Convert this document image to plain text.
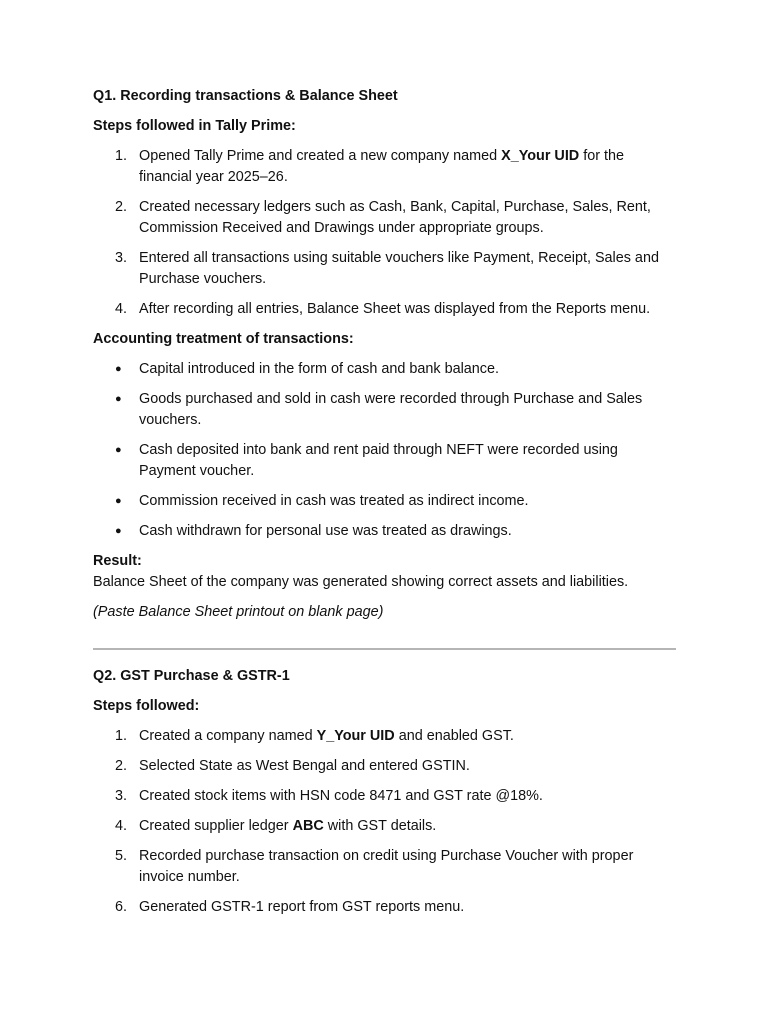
Q1. Recording transactions & Balance Sheet

Steps followed in Tally Prime:

1. Opened Tally Prime and created a new company named X_Your UID for the financial year 2025–26.
2. Created necessary ledgers such as Cash, Bank, Capital, Purchase, Sales, Rent, Commission Received and Drawings under appropriate groups.
3. Entered all transactions using suitable vouchers like Payment, Receipt, Sales and Purchase vouchers.
4. After recording all entries, Balance Sheet was displayed from the Reports menu.

Accounting treatment of transactions:

●	Capital introduced in the form of cash and bank balance.
●	Goods purchased and sold in cash were recorded through Purchase and Sales vouchers.
●	Cash deposited into bank and rent paid through NEFT were recorded using Payment voucher.
●	Commission received in cash was treated as indirect income.
●	Cash withdrawn for personal use was treated as drawings.

Result:

Balance Sheet of the company was generated showing correct assets and liabilities.

(Paste Balance Sheet printout on blank page)

Q2. GST Purchase & GSTR-1

Steps followed:

1. Created a company named Y_Your UID and enabled GST.
2. Selected State as West Bengal and entered GSTIN.
3. Created stock items with HSN code 8471 and GST rate @18%.
4. Created supplier ledger ABC with GST details.
5. Recorded purchase transaction on credit using Purchase Voucher with proper invoice number.
6. Generated GSTR-1 report from GST reports menu.
